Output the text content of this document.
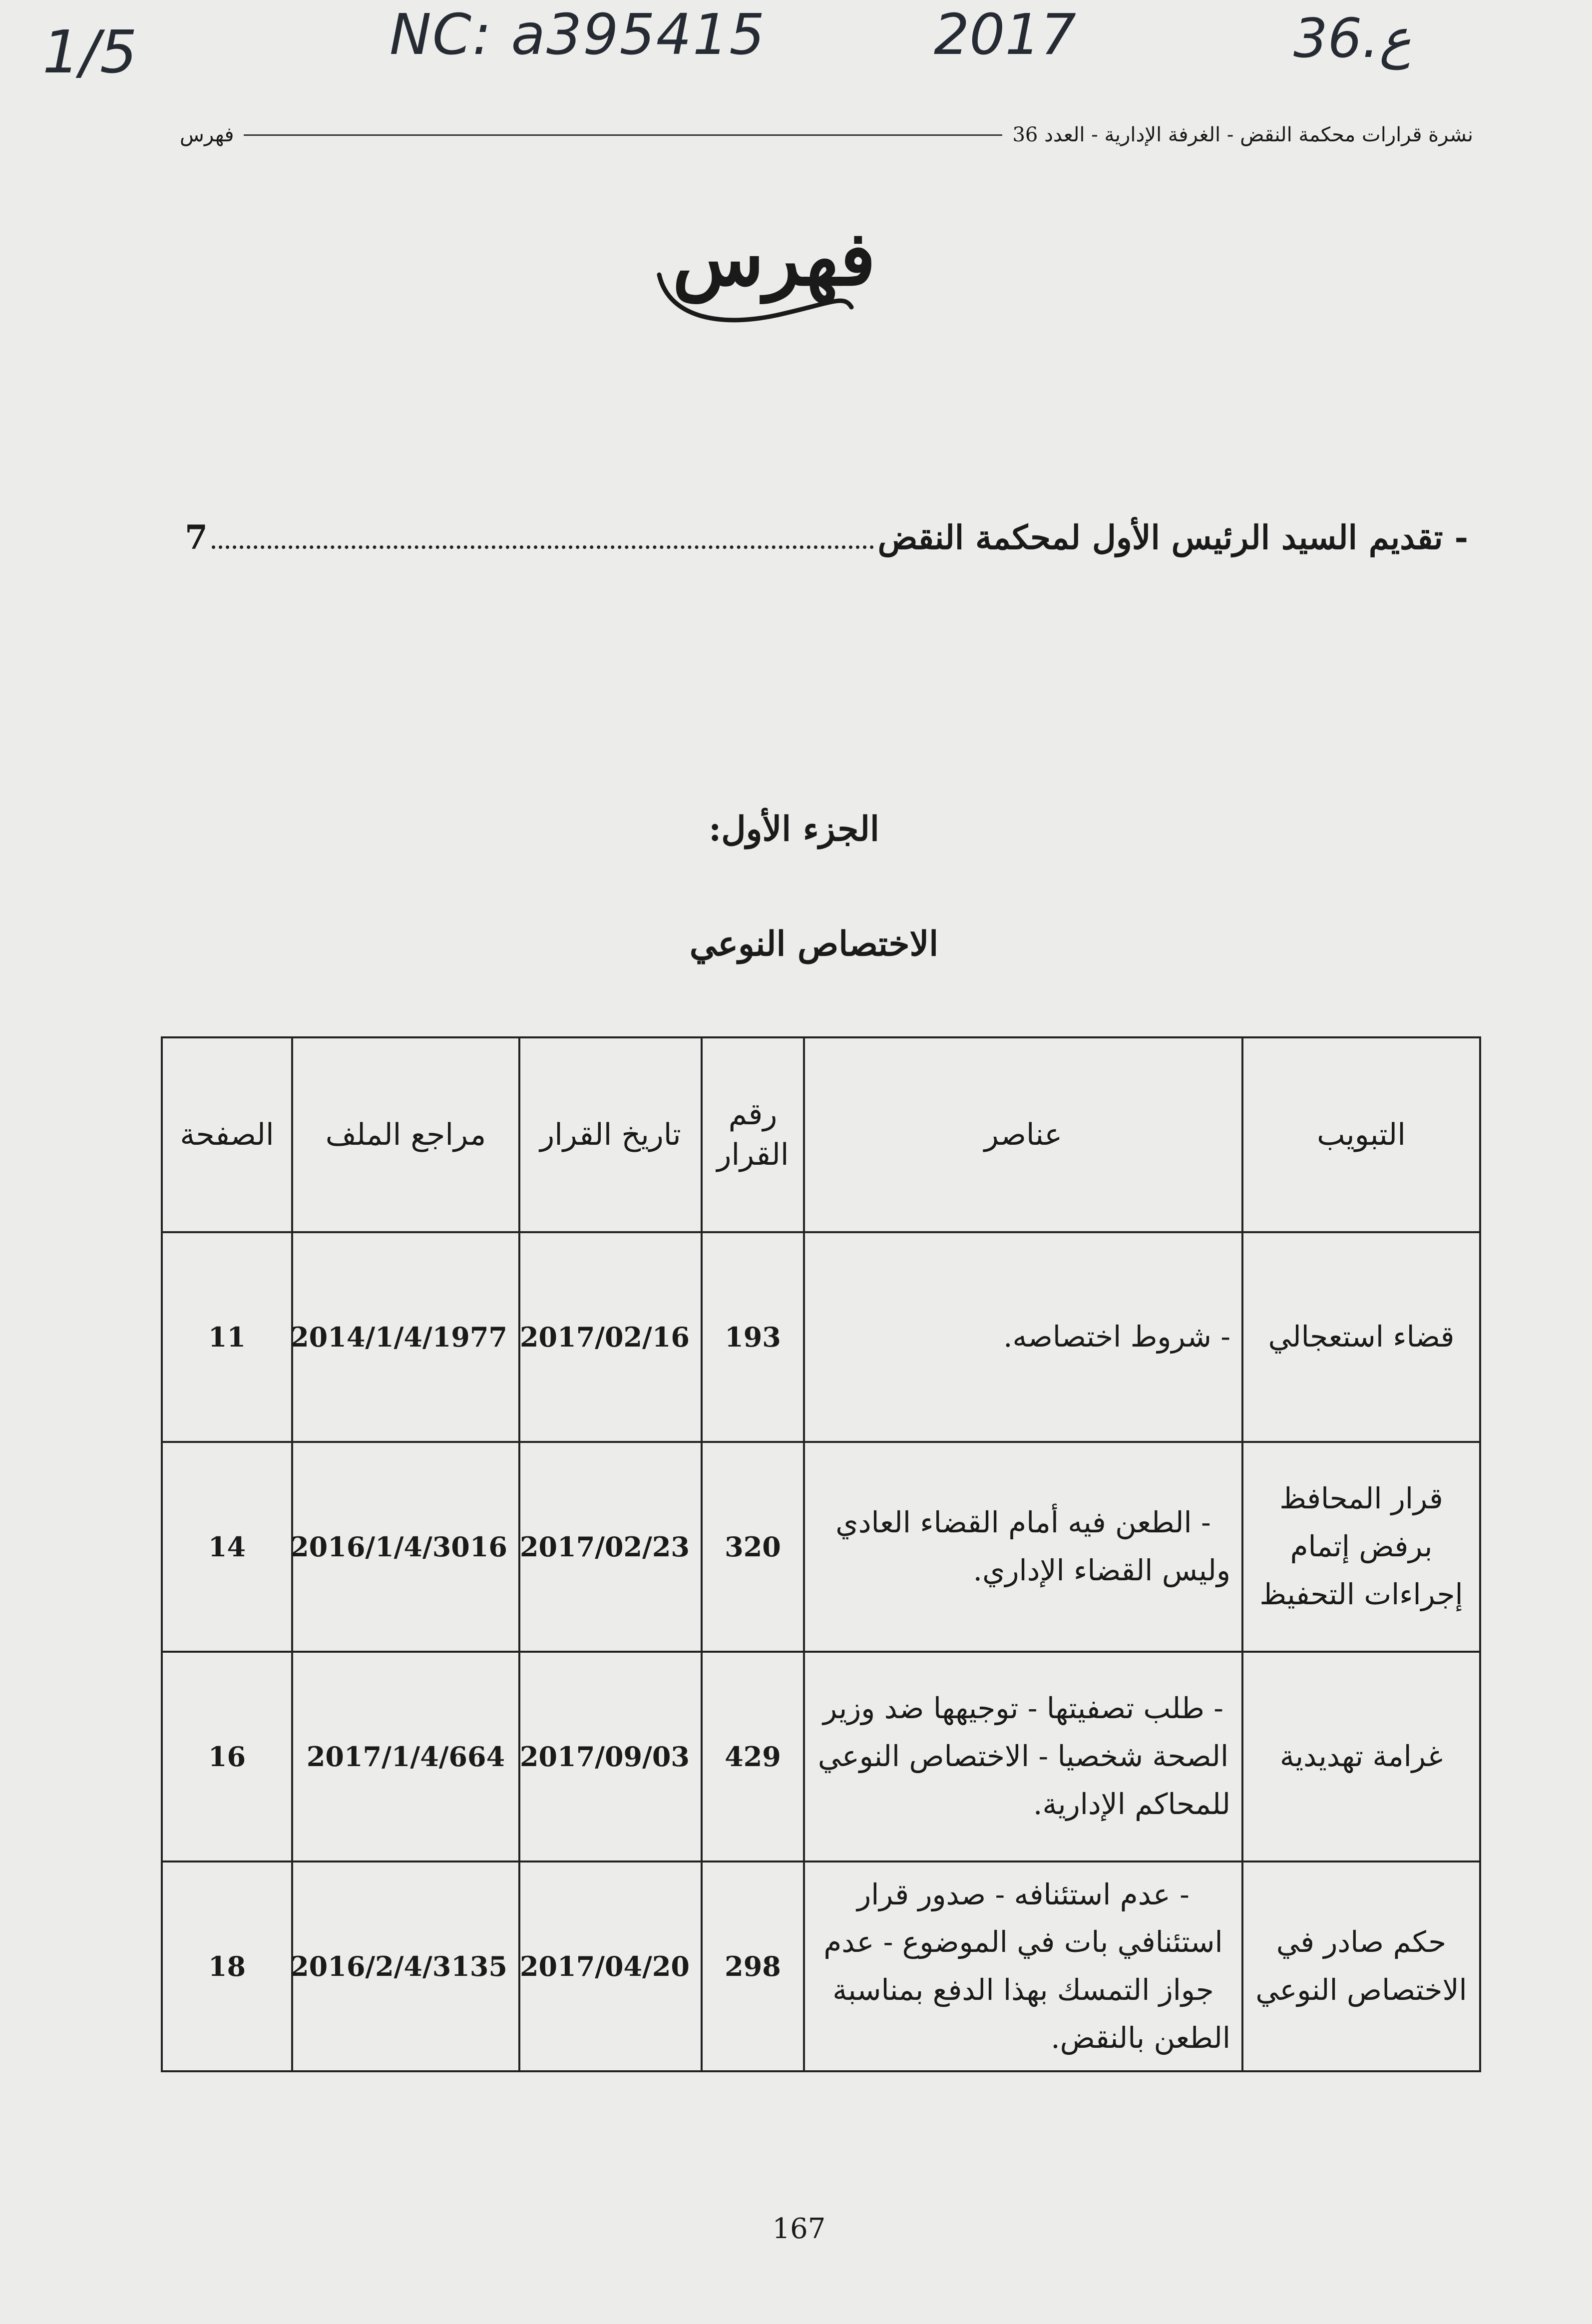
1/5	NC: a395415	2017	36.ع
نشرة قرارات محكمة النقض - الغرفة الإدارية - العدد 36
فهرس
فهرس
- تقديم السيد الرئيس الأول لمحكمة النقض
7
الجزء الأول:
الاختصاص النوعي
التبويب	عناصر	رقم القرار	تاريخ القرار	مراجع الملف	الصفحة
قضاء استعجالي	- شروط اختصاصه.	193	2017/02/16	2014/1/4/1977	11
قرار المحافظ برفض إتمام إجراءات التحفيظ	- الطعن فيه أمام القضاء العادي وليس القضاء الإداري.	320	2017/02/23	2016/1/4/3016	14
غرامة تهديدية	- طلب تصفيتها - توجيهها ضد وزير الصحة شخصيا - الاختصاص النوعي للمحاكم الإدارية.	429	2017/09/03	2017/1/4/664	16
حكم صادر في الاختصاص النوعي	- عدم استئنافه - صدور قرار استئنافي بات في الموضوع - عدم جواز التمسك بهذا الدفع بمناسبة الطعن بالنقض.	298	2017/04/20	2016/2/4/3135	18
167
